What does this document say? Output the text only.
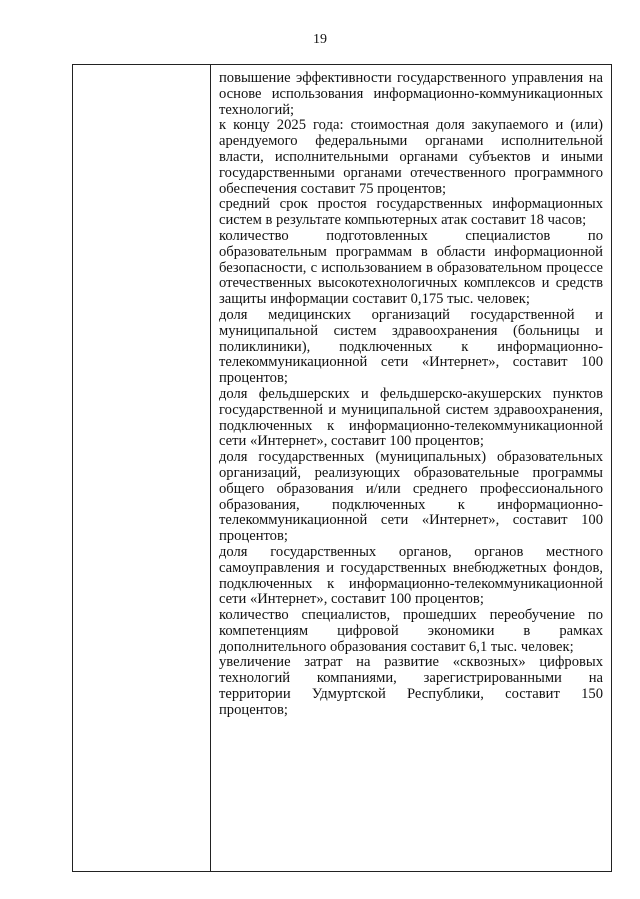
19

повышение эффективности государственного управления на основе использования информационно-коммуникационных технологий;

к концу 2025 года: стоимостная доля закупаемого и (или) арендуемого федеральными органами исполнительной власти, исполнительными органами субъектов и иными государственными органами отечественного программного обеспечения составит 75 процентов;

средний срок простоя государственных информационных систем в результате компьютерных атак составит 18 часов;

количество подготовленных специалистов по образовательным программам в области информационной безопасности, с использованием в образовательном процессе отечественных высокотехнологичных комплексов и средств защиты информации составит 0,175 тыс. человек;

доля медицинских организаций государственной и муниципальной систем здравоохранения (больницы и поликлиники), подключенных к информационно-телекоммуникационной сети «Интернет», составит 100 процентов;

доля фельдшерских и фельдшерско-акушерских пунктов государственной и муниципальной систем здравоохранения, подключенных к информационно-телекоммуникационной сети «Интернет», составит 100 процентов;

доля государственных (муниципальных) образовательных организаций, реализующих образовательные программы общего образования и/или среднего профессионального образования, подключенных к информационно-телекоммуникационной сети «Интернет», составит 100 процентов;

доля государственных органов, органов местного самоуправления и государственных внебюджетных фондов, подключенных к информационно-телекоммуникационной сети «Интернет», составит 100 процентов;

количество специалистов, прошедших переобучение по компетенциям цифровой экономики в рамках дополнительного образования составит 6,1 тыс. человек;

увеличение затрат на развитие «сквозных» цифровых технологий компаниями, зарегистрированными на территории Удмуртской Республики, составит 150 процентов;
